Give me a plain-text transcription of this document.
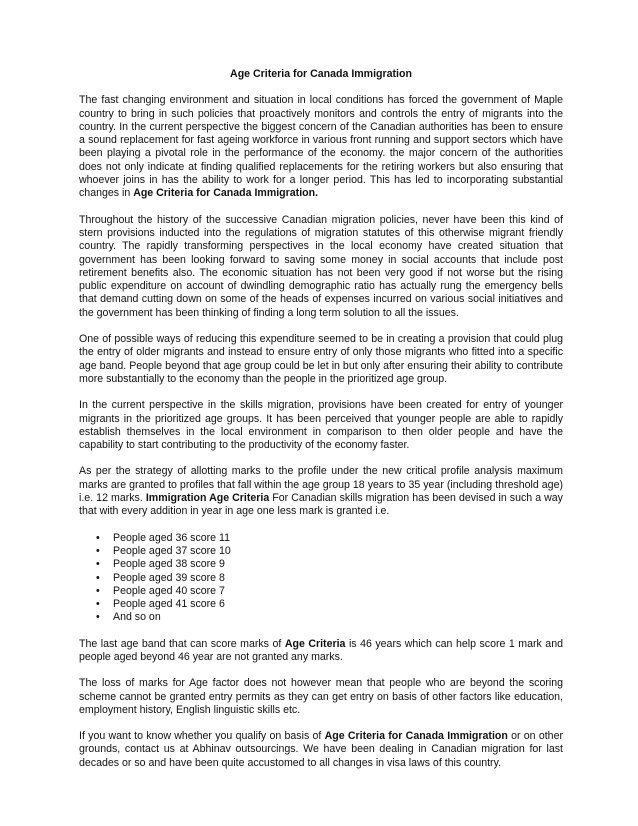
Age Criteria for Canada Immigration

The fast changing environment and situation in local conditions has forced the government of Maple country to bring in such policies that proactively monitors and controls the entry of migrants into the country. In the current perspective the biggest concern of the Canadian authorities has been to ensure a sound replacement for fast ageing workforce in various front running and support sectors which have been playing a pivotal role in the performance of the economy. the major concern of the authorities does not only indicate at finding qualified replacements for the retiring workers but also ensuring that whoever joins in has the ability to work for a longer period. This has led to incorporating substantial changes in Age Criteria for Canada Immigration.

Throughout the history of the successive Canadian migration policies, never have been this kind of stern provisions inducted into the regulations of migration statutes of this otherwise migrant friendly country. The rapidly transforming perspectives in the local economy have created situation that government has been looking forward to saving some money in social accounts that include post retirement benefits also. The economic situation has not been very good if not worse but the rising public expenditure on account of dwindling demographic ratio has actually rung the emergency bells that demand cutting down on some of the heads of expenses incurred on various social initiatives and the government has been thinking of finding a long term solution to all the issues.

One of possible ways of reducing this expenditure seemed to be in creating a provision that could plug the entry of older migrants and instead to ensure entry of only those migrants who fitted into a specific age band. People beyond that age group could be let in but only after ensuring their ability to contribute more substantially to the economy than the people in the prioritized age group.

In the current perspective in the skills migration, provisions have been created for entry of younger migrants in the prioritized age groups. It has been perceived that younger people are able to rapidly establish themselves in the local environment in comparison to then older people and have the capability to start contributing to the productivity of the economy faster.

As per the strategy of allotting marks to the profile under the new critical profile analysis maximum marks are granted to profiles that fall within the age group 18 years to 35 year (including threshold age) i.e. 12 marks. Immigration Age Criteria For Canadian skills migration has been devised in such a way that with every addition in year in age one less mark is granted i.e.

• People aged 36 score 11
• People aged 37 score 10
• People aged 38 score 9
• People aged 39 score 8
• People aged 40 score 7
• People aged 41 score 6
• And so on

The last age band that can score marks of Age Criteria is 46 years which can help score 1 mark and people aged beyond 46 year are not granted any marks.

The loss of marks for Age factor does not however mean that people who are beyond the scoring scheme cannot be granted entry permits as they can get entry on basis of other factors like education, employment history, English linguistic skills etc.

If you want to know whether you qualify on basis of Age Criteria for Canada Immigration or on other grounds, contact us at Abhinav outsourcings. We have been dealing in Canadian migration for last decades or so and have been quite accustomed to all changes in visa laws of this country.
